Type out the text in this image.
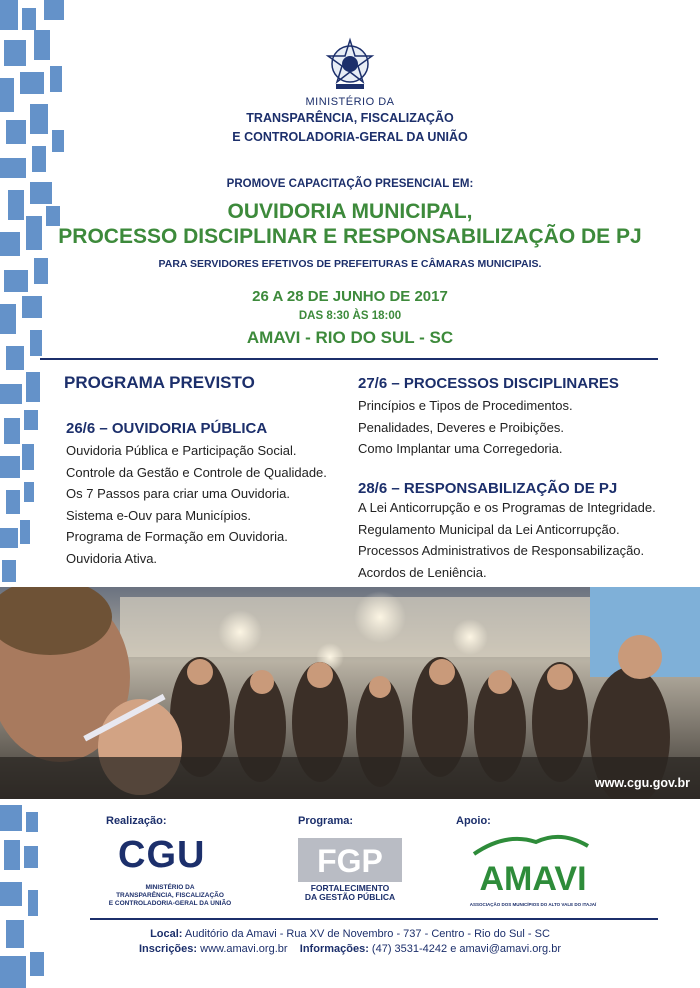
MINISTÉRIO DA
TRANSPARÊNCIA, FISCALIZAÇÃO
E CONTROLADORIA-GERAL DA UNIÃO
PROMOVE CAPACITAÇÃO PRESENCIAL EM:
OUVIDORIA MUNICIPAL,
PROCESSO DISCIPLINAR E RESPONSABILIZAÇÃO DE PJ
PARA SERVIDORES EFETIVOS DE PREFEITURAS E CÂMARAS MUNICIPAIS.
26 A 28 DE JUNHO DE 2017
DAS 8:30 ÀS 18:00
AMAVI - RIO DO SUL - SC
PROGRAMA PREVISTO
26/6 – OUVIDORIA PÚBLICA
Ouvidoria Pública e Participação Social.
Controle da Gestão e Controle de Qualidade.
Os 7 Passos para criar uma Ouvidoria.
Sistema e-Ouv para Municípios.
Programa de Formação em Ouvidoria.
Ouvidoria Ativa.
27/6 – PROCESSOS DISCIPLINARES
Princípios e Tipos de Procedimentos.
Penalidades, Deveres e Proibições.
Como Implantar uma Corregedoria.
28/6 – RESPONSABILIZAÇÃO DE PJ
A Lei Anticorrupção e os Programas de Integridade.
Regulamento Municipal da Lei Anticorrupção.
Processos Administrativos de Responsabilização.
Acordos de Leniência.
www.cgu.gov.br
Realização:	Programa:	Apoio:
CGU
MINISTÉRIO DA
TRANSPARÊNCIA, FISCALIZAÇÃO
E CONTROLADORIA-GERAL DA UNIÃO
FGP
FORTALECIMENTO
DA GESTÃO PÚBLICA AMAVI
ASSOCIAÇÃO DOS MUNICÍPIOS DO ALTO VALE DO ITAJAÍ
Local: Auditório da Amavi - Rua XV de Novembro - 737 - Centro - Rio do Sul - SC
Inscrições: www.amavi.org.br Informações: (47) 3531-4242 e amavi@amavi.org.br
